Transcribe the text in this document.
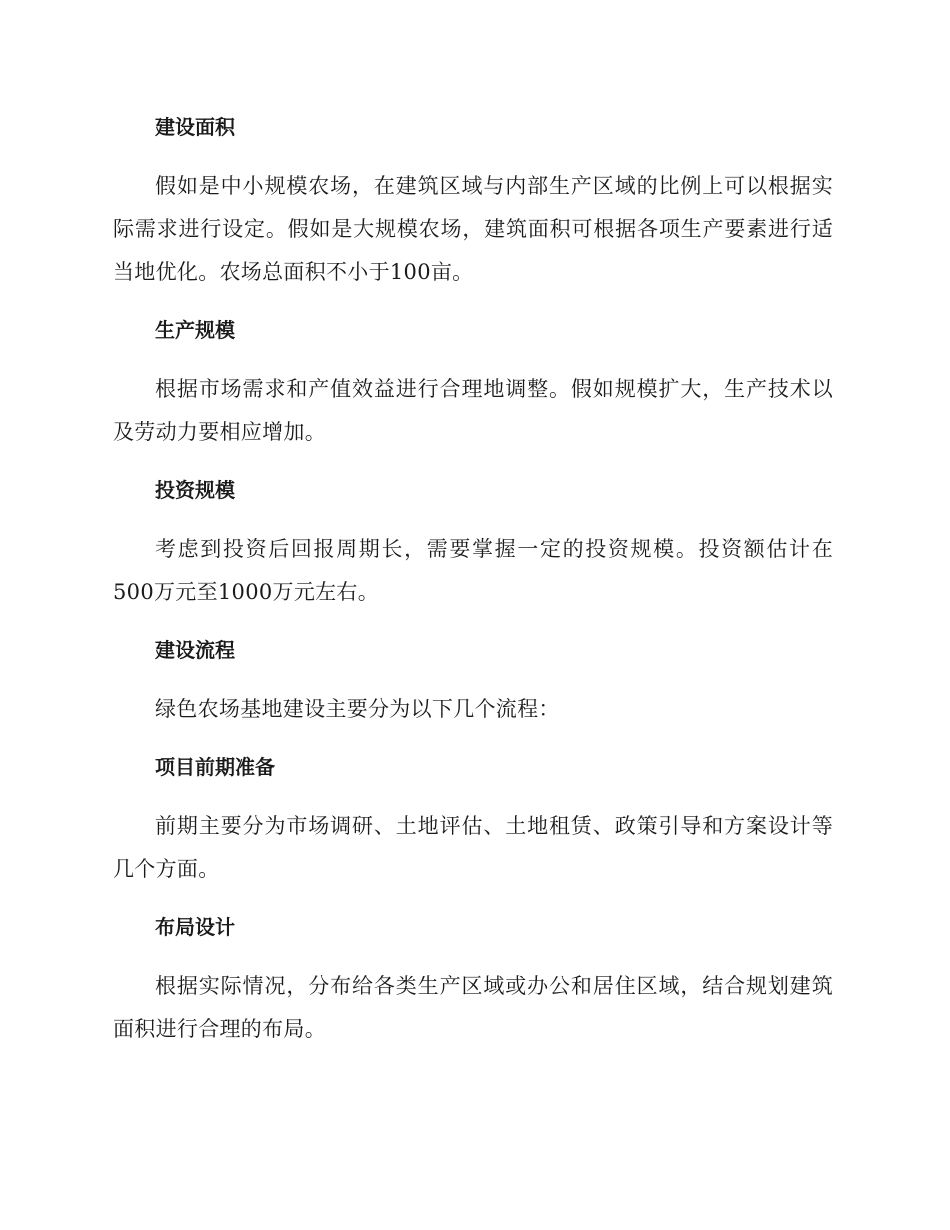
建设面积
假如是中小规模农场，在建筑区域与内部生产区域的比例上可以根据实际需求进行设定。假如是大规模农场，建筑面积可根据各项生产要素进行适当地优化。农场总面积不小于100亩。
生产规模
根据市场需求和产值效益进行合理地调整。假如规模扩大，生产技术以及劳动力要相应增加。
投资规模
考虑到投资后回报周期长，需要掌握一定的投资规模。投资额估计在500万元至1000万元左右。
建设流程
绿色农场基地建设主要分为以下几个流程：
项目前期准备
前期主要分为市场调研、土地评估、土地租赁、政策引导和方案设计等几个方面。
布局设计
根据实际情况，分布给各类生产区域或办公和居住区域，结合规划建筑面积进行合理的布局。
